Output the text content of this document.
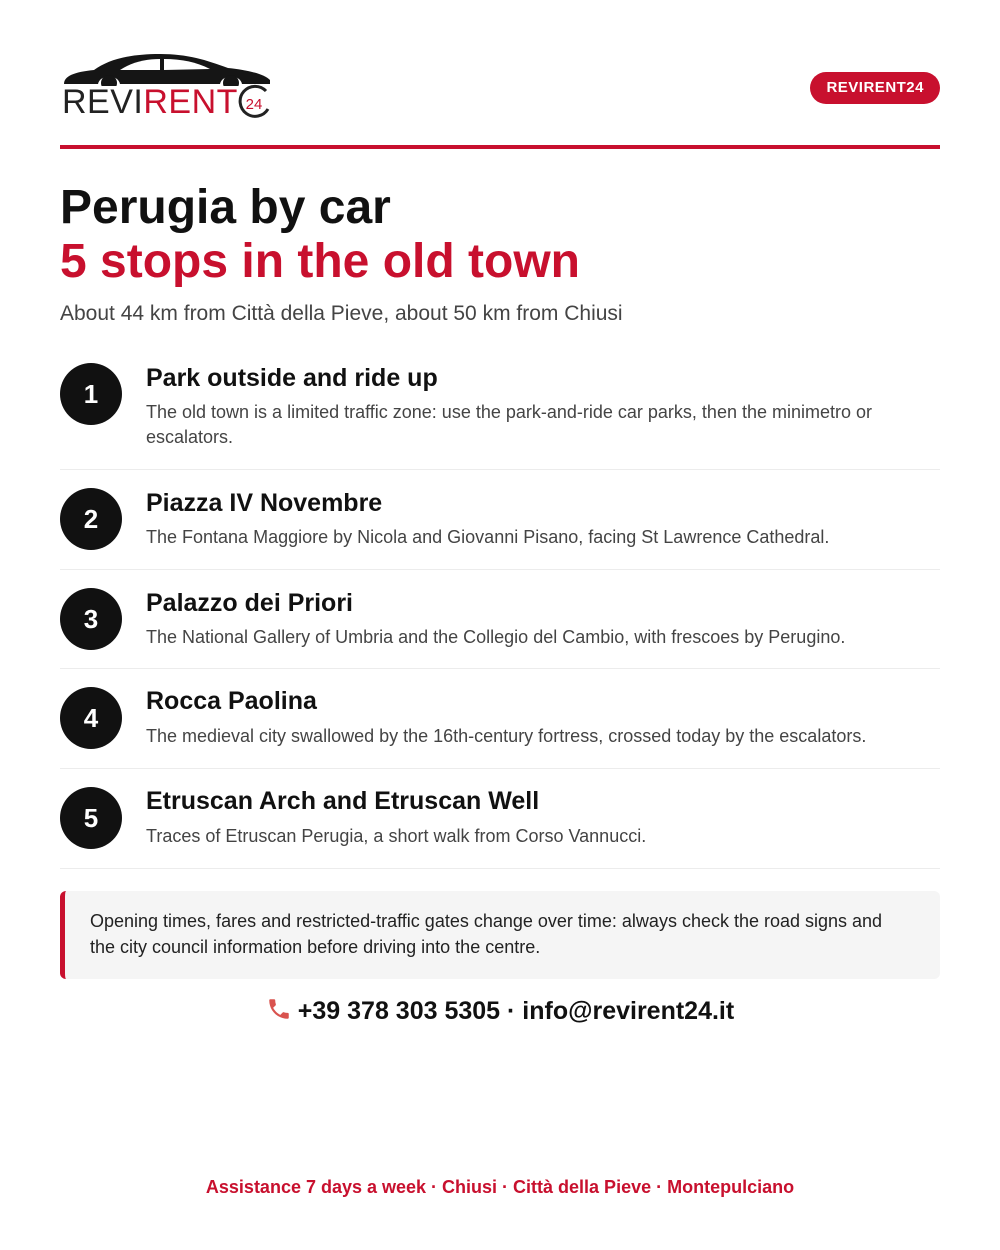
REVIRENT 24
REVIRENT24
Perugia by car
5 stops in the old town
About 44 km from Città della Pieve, about 50 km from Chiusi
1
Park outside and ride up
The old town is a limited traffic zone: use the park-and-ride car parks, then the minimetro or escalators.
2
Piazza IV Novembre
The Fontana Maggiore by Nicola and Giovanni Pisano, facing St Lawrence Cathedral.
3
Palazzo dei Priori
The National Gallery of Umbria and the Collegio del Cambio, with frescoes by Perugino.
4
Rocca Paolina
The medieval city swallowed by the 16th-century fortress, crossed today by the escalators.
5
Etruscan Arch and Etruscan Well
Traces of Etruscan Perugia, a short walk from Corso Vannucci.
Opening times, fares and restricted-traffic gates change over time: always check the road signs and the city council information before driving into the centre.
+39 378 303 5305 · info@revirent24.it
Assistance 7 days a week · Chiusi · Città della Pieve · Montepulciano
